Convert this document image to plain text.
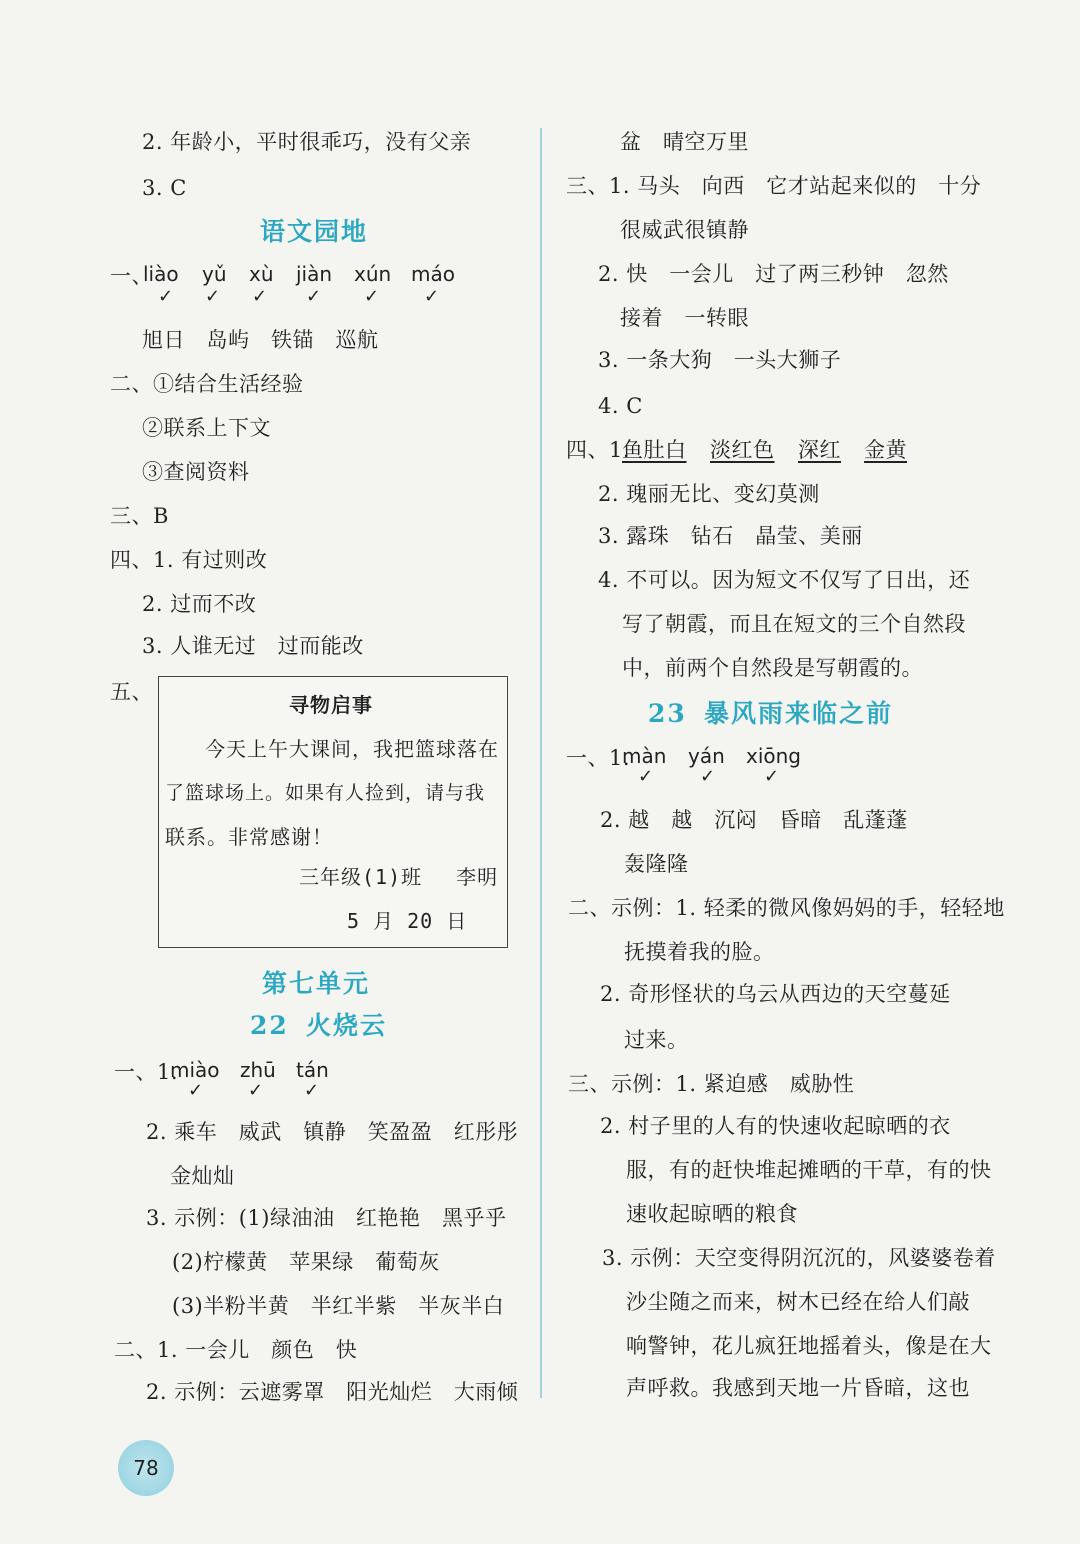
2. 年龄小，平时很乖巧，没有父亲
3. C
语文园地
一、
liào yǔ xù jiàn xún máo
✓ ✓ ✓ ✓ ✓ ✓
旭日　岛屿　铁锚　巡航
二、①结合生活经验
②联系上下文
③查阅资料
三、B
四、1. 有过则改
2. 过而不改
3. 人谁无过　过而能改
五、
寻物启事
今天上午大课间，我把篮球落在
了篮球场上。如果有人捡到，请与我
联系。非常感谢！
三年级(1)班　 李明
5 月 20 日
第七单元
22 火烧云
一、1.
miào zhū tán
✓ ✓ ✓
2. 乘车　威武　镇静　笑盈盈　红彤彤
金灿灿
3. 示例：(1)绿油油　红艳艳　黑乎乎
(2)柠檬黄　苹果绿　葡萄灰
(3)半粉半黄　半红半紫　半灰半白
二、1. 一会儿　颜色　快
2. 示例：云遮雾罩　阳光灿烂　大雨倾
盆　晴空万里
三、1. 马头　向西　它才站起来似的　十分
很威武很镇静
2. 快　一会儿　过了两三秒钟　忽然
接着　一转眼
3. 一条大狗　一头大狮子
4. C
四、1.
鱼肚白 淡红色 深红 金黄
2. 瑰丽无比、变幻莫测
3. 露珠　钻石　晶莹、美丽
4. 不可以。因为短文不仅写了日出，还
写了朝霞，而且在短文的三个自然段
中，前两个自然段是写朝霞的。
23 暴风雨来临之前
一、1.
màn yán xiōng
✓	✓	✓
2. 越　越　沉闷　昏暗　乱蓬蓬
轰隆隆
二、示例：1. 轻柔的微风像妈妈的手，轻轻地
抚摸着我的脸。
2. 奇形怪状的乌云从西边的天空蔓延
过来。
三、示例：1. 紧迫感　威胁性
2. 村子里的人有的快速收起晾晒的衣
服，有的赶快堆起摊晒的干草，有的快
速收起晾晒的粮食
3. 示例：天空变得阴沉沉的，风婆婆卷着
沙尘随之而来，树木已经在给人们敲
响警钟，花儿疯狂地摇着头，像是在大
声呼救。我感到天地一片昏暗，这也
78
